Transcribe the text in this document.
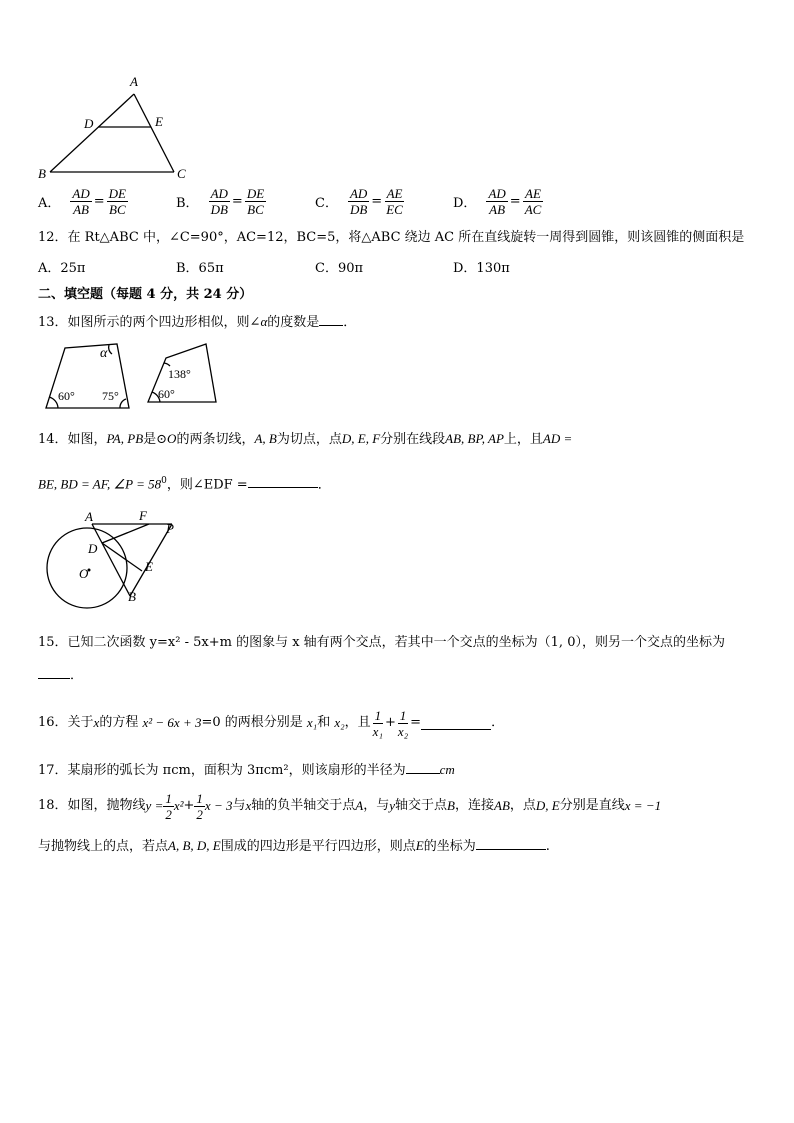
A
D	E
B	C
A． $\frac{AD}{AB} = \frac{DE}{BC}$	B． $\frac{AD}{DB} = \frac{DE}{BC}$	C． $\frac{AD}{DB} = \frac{AE}{EC}$	D． $\frac{AD}{AB} = \frac{AE}{AC}$
12．在 Rt△ABC 中，∠C=90°，AC=12，BC=5，将△ABC 绕边 AC 所在直线旋转一周得到圆锥，则该圆锥的侧面积是
A．25π	B．65π	C．90π	D．130π
二、填空题（每题 4 分，共 24 分）
13．如图所示的两个四边形相似，则∠α的度数是 ．
α
60° 75°
138°
60°
14．如图，PA, PB是⊙O的两条切线，A, B为切点，点D, E, F分别在线段AB, BP, AP上，且AD =
BE, BD = AF, ∠P = $58^0$，则∠EDF =	．
A	F
P
D
O	E
B
15．已知二次函数 y=x² - 5x+m 的图象与 x 轴有两个交点，若其中一个交点的坐标为（1, 0），则另一个交点的坐标为
．
16．关于 x 的方程
x² − 6x + 3 =0 的两根分别是
x₁ 和
x₂ ，且 $\frac{1}{\text{x₁}} + \frac{1}{\text{x₂}}$ =	．
17．某扇形的弧长为 πcm，面积为 3πcm²，则该扇形的半径为	cm
18．如图，抛物线 $y = \frac{1}{2} x^2 + \frac{1}{2}$ x − 3 与 x 轴的负半轴交于点 A ，与 y 轴交于点 B ，连接 AB ，点 D, E 分别是直线 x = −1
与抛物线上的点，若点A, B, D, E围成的四边形是平行四边形，则点E的坐标为	.
